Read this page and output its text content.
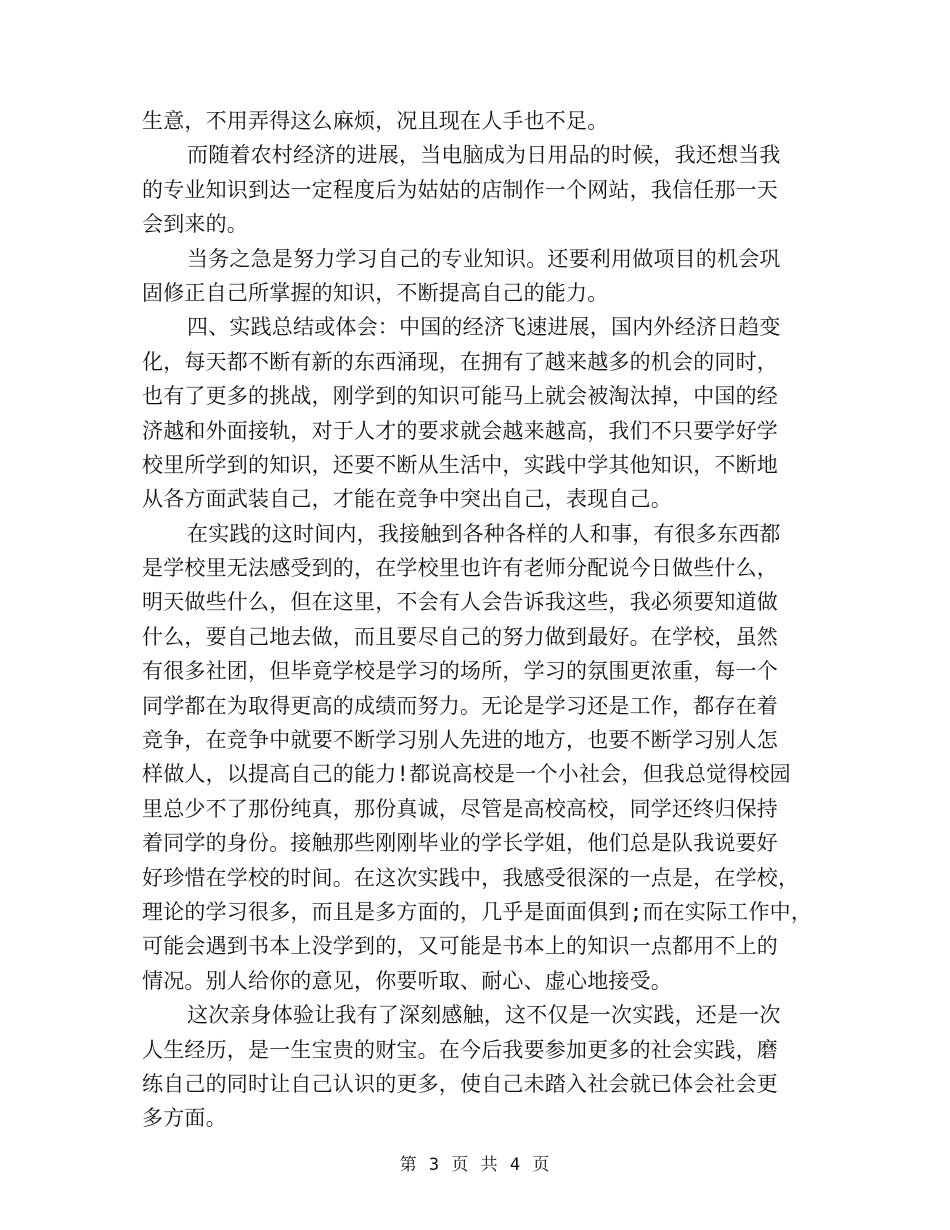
生意，不用弄得这么麻烦，况且现在人手也不足。
而随着农村经济的进展，当电脑成为日用品的时候，我还想当我
的专业知识到达一定程度后为姑姑的店制作一个网站，我信任那一天
会到来的。
当务之急是努力学习自己的专业知识。还要利用做项目的机会巩
固修正自己所掌握的知识，不断提高自己的能力。
四、实践总结或体会：中国的经济飞速进展，国内外经济日趋变
化，每天都不断有新的东西涌现，在拥有了越来越多的机会的同时，
也有了更多的挑战，刚学到的知识可能马上就会被淘汰掉，中国的经
济越和外面接轨，对于人才的要求就会越来越高，我们不只要学好学
校里所学到的知识，还要不断从生活中，实践中学其他知识，不断地
从各方面武装自己，才能在竞争中突出自己，表现自己。
在实践的这时间内，我接触到各种各样的人和事，有很多东西都
是学校里无法感受到的，在学校里也许有老师分配说今日做些什么，
明天做些什么，但在这里，不会有人会告诉我这些，我必须要知道做
什么，要自己地去做，而且要尽自己的努力做到最好。在学校，虽然
有很多社团，但毕竟学校是学习的场所，学习的氛围更浓重，每一个
同学都在为取得更高的成绩而努力。无论是学习还是工作，都存在着
竞争，在竞争中就要不断学习别人先进的地方，也要不断学习别人怎
样做人，以提高自己的能力!都说高校是一个小社会，但我总觉得校园
里总少不了那份纯真，那份真诚，尽管是高校高校，同学还终归保持
着同学的身份。接触那些刚刚毕业的学长学姐，他们总是队我说要好
好珍惜在学校的时间。在这次实践中，我感受很深的一点是，在学校，
理论的学习很多，而且是多方面的，几乎是面面俱到;而在实际工作中，
可能会遇到书本上没学到的，又可能是书本上的知识一点都用不上的
情况。别人给你的意见，你要听取、耐心、虚心地接受。
这次亲身体验让我有了深刻感触，这不仅是一次实践，还是一次
人生经历，是一生宝贵的财宝。在今后我要参加更多的社会实践，磨
练自己的同时让自己认识的更多，使自己未踏入社会就已体会社会更
多方面。
第 3 页 共 4 页
